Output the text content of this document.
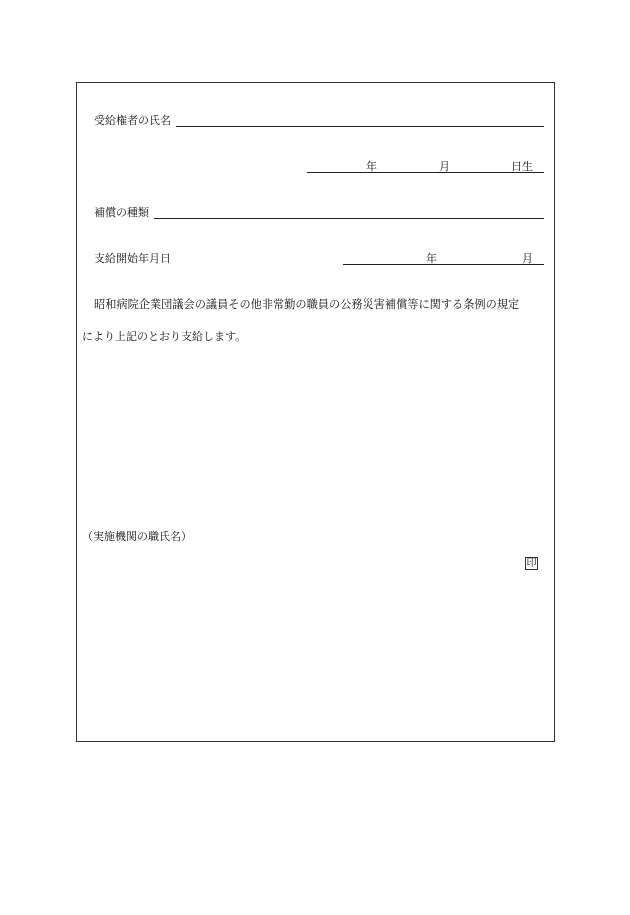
受給権者の氏名
年	月	日生
補償の種類
支給開始年月日	年	月
昭和病院企業団議会の議員その他非常勤の職員の公務災害補償等に関する条例の規定
により上記のとおり支給します。
（実施機関の職氏名）
印
